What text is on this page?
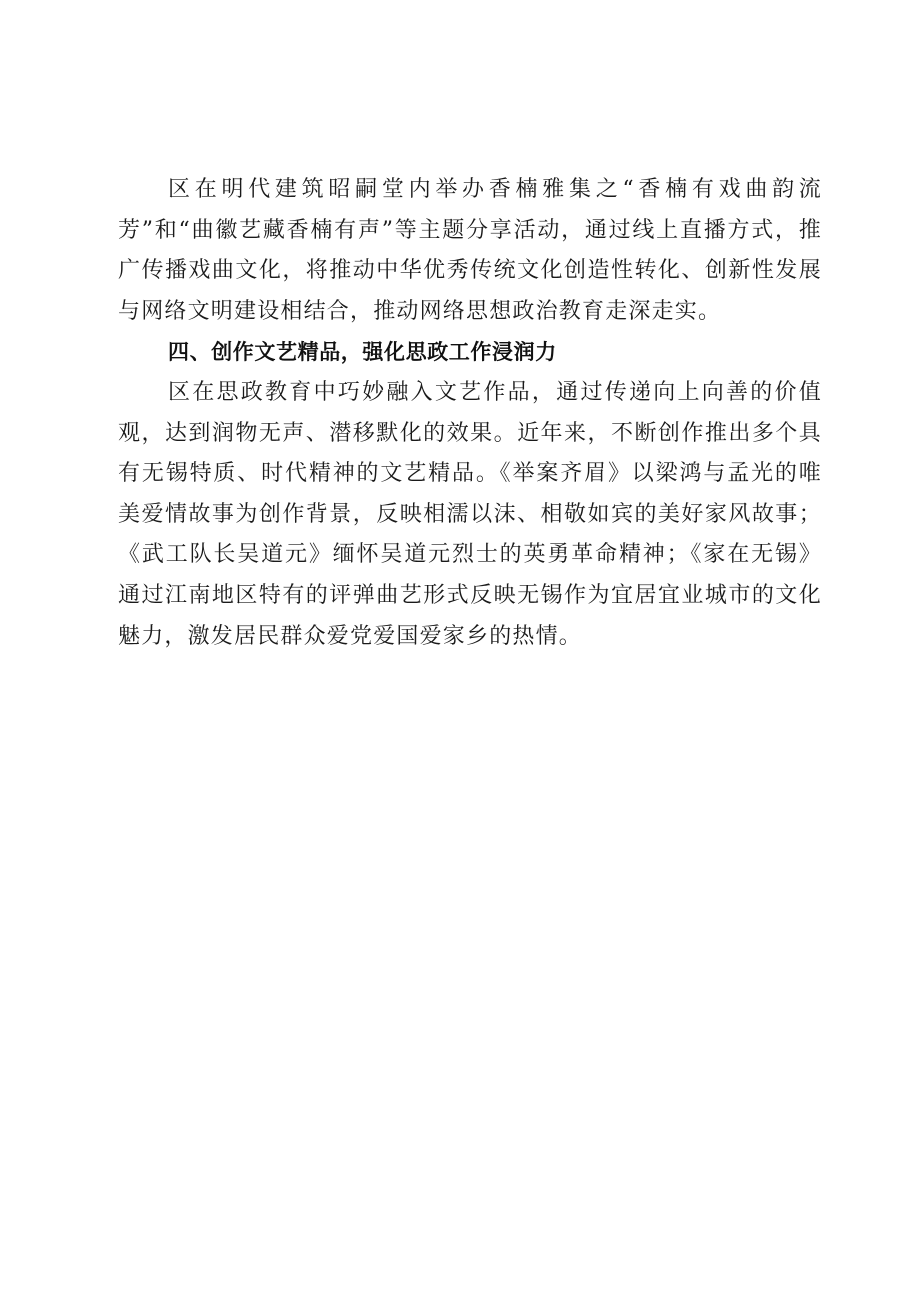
区在明代建筑昭嗣堂内举办香楠雅集之“香楠有戏曲韵流芳”和“曲徽艺藏香楠有声”等主题分享活动，通过线上直播方式，推广传播戏曲文化，将推动中华优秀传统文化创造性转化、创新性发展与网络文明建设相结合，推动网络思想政治教育走深走实。

四、创作文艺精品，强化思政工作浸润力

区在思政教育中巧妙融入文艺作品，通过传递向上向善的价值观，达到润物无声、潜移默化的效果。近年来，不断创作推出多个具有无锡特质、时代精神的文艺精品。《举案齐眉》以梁鸿与孟光的唯美爱情故事为创作背景，反映相濡以沫、相敬如宾的美好家风故事；《武工队长吴道元》缅怀吴道元烈士的英勇革命精神；《家在无锡》通过江南地区特有的评弹曲艺形式反映无锡作为宜居宜业城市的文化魅力，激发居民群众爱党爱国爱家乡的热情。
